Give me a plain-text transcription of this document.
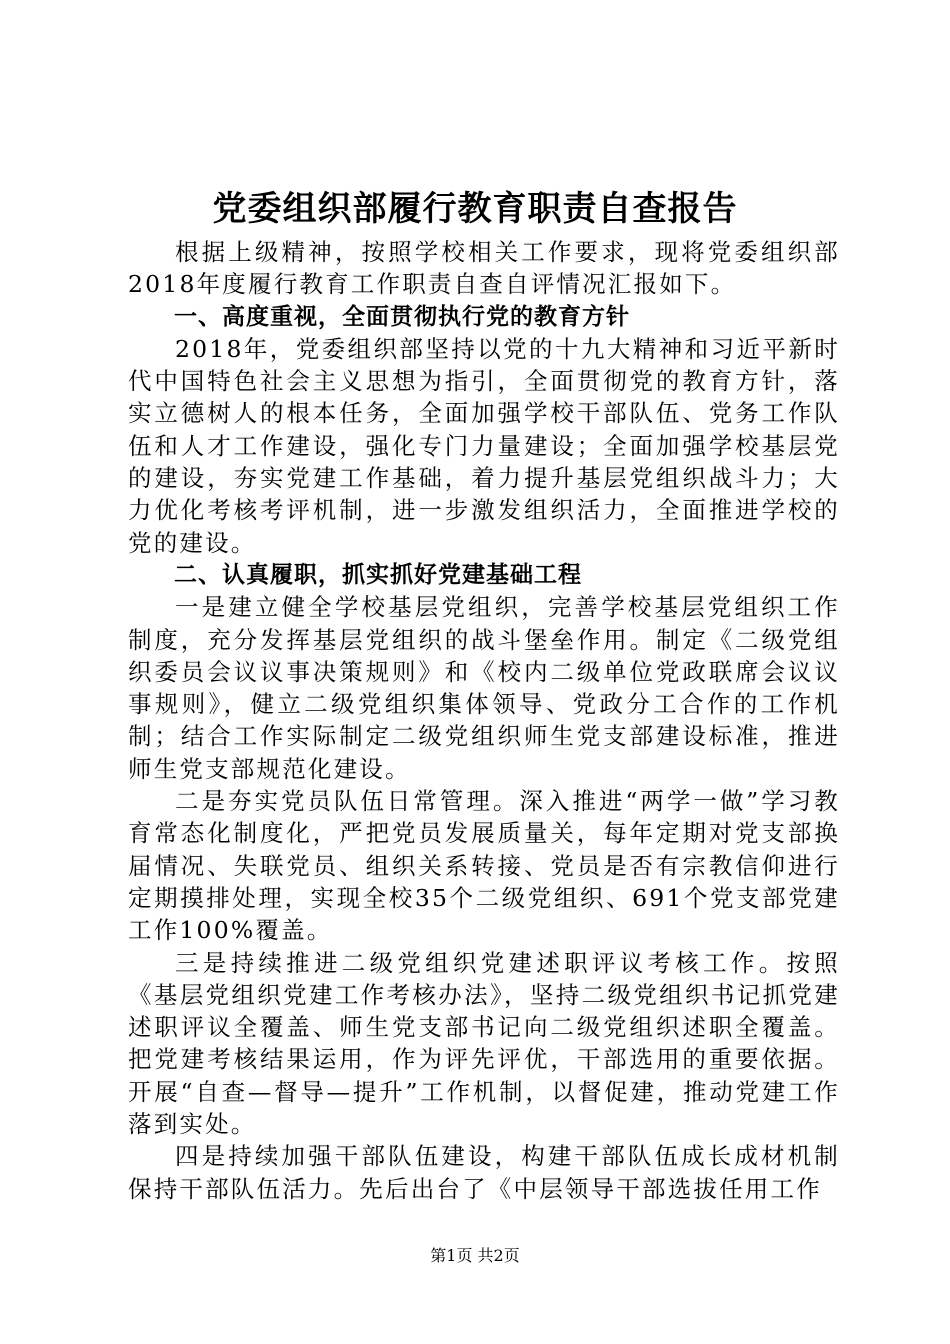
党委组织部履行教育职责自查报告

根据上级精神，按照学校相关工作要求，现将党委组织部2018年度履行教育工作职责自查自评情况汇报如下。

一、高度重视，全面贯彻执行党的教育方针

2018年，党委组织部坚持以党的十九大精神和习近平新时代中国特色社会主义思想为指引，全面贯彻党的教育方针，落实立德树人的根本任务，全面加强学校干部队伍、党务工作队伍和人才工作建设，强化专门力量建设；全面加强学校基层党的建设，夯实党建工作基础，着力提升基层党组织战斗力；大力优化考核考评机制，进一步激发组织活力，全面推进学校的党的建设。

二、认真履职，抓实抓好党建基础工程

一是建立健全学校基层党组织，完善学校基层党组织工作制度，充分发挥基层党组织的战斗堡垒作用。制定《二级党组织委员会议议事决策规则》和《校内二级单位党政联席会议议事规则》，健立二级党组织集体领导、党政分工合作的工作机制；结合工作实际制定二级党组织师生党支部建设标准，推进师生党支部规范化建设。

二是夯实党员队伍日常管理。深入推进“两学一做”学习教育常态化制度化，严把党员发展质量关，每年定期对党支部换届情况、失联党员、组织关系转接、党员是否有宗教信仰进行定期摸排处理，实现全校35个二级党组织、691个党支部党建工作100%覆盖。

三是持续推进二级党组织党建述职评议考核工作。按照《基层党组织党建工作考核办法》，坚持二级党组织书记抓党建述职评议全覆盖、师生党支部书记向二级党组织述职全覆盖。把党建考核结果运用，作为评先评优，干部选用的重要依据。开展“自查—督导—提升”工作机制，以督促建，推动党建工作落到实处。

四是持续加强干部队伍建设，构建干部队伍成长成材机制保持干部队伍活力。先后出台了《中层领导干部选拔任用工作

第1页 共2页
